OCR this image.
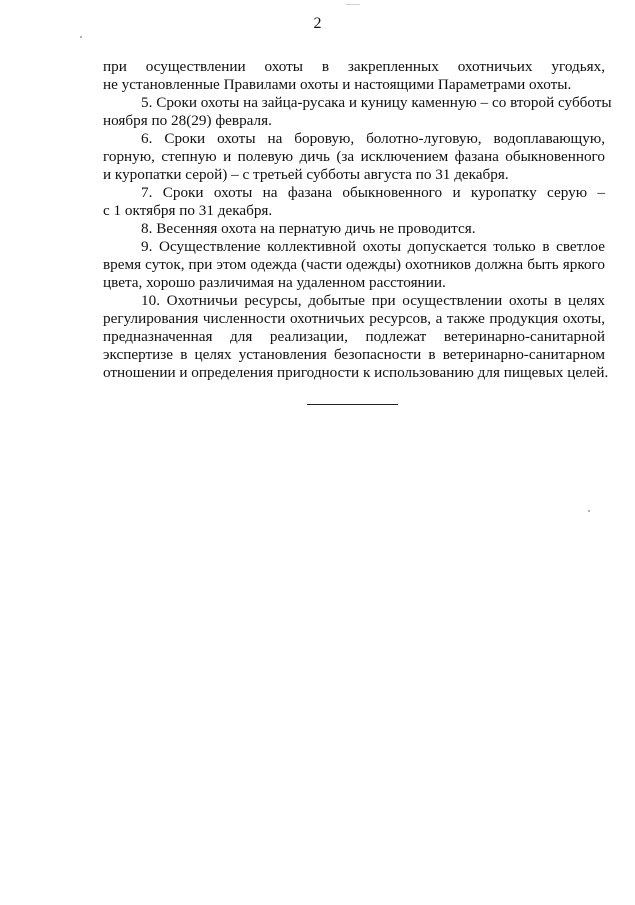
2

при осуществлении охоты в закрепленных охотничьих угодьях,
не установленные Правилами охоты и настоящими Параметрами охоты.

5. Сроки охоты на зайца-русака и куницу каменную – со второй субботы
ноября по 28(29) февраля.

6. Сроки охоты на боровую, болотно-луговую, водоплавающую,
горную, степную и полевую дичь (за исключением фазана обыкновенного
и куропатки серой) – с третьей субботы августа по 31 декабря.

7. Сроки охоты на фазана обыкновенного и куропатку серую –
с 1 октября по 31 декабря.

8. Весенняя охота на пернатую дичь не проводится.

9. Осуществление коллективной охоты допускается только в светлое
время суток, при этом одежда (части одежды) охотников должна быть яркого
цвета, хорошо различимая на удаленном расстоянии.

10. Охотничьи ресурсы, добытые при осуществлении охоты в целях
регулирования численности охотничьих ресурсов, а также продукция охоты,
предназначенная для реализации, подлежат ветеринарно-санитарной
экспертизе в целях установления безопасности в ветеринарно-санитарном
отношении и определения пригодности к использованию для пищевых целей.
